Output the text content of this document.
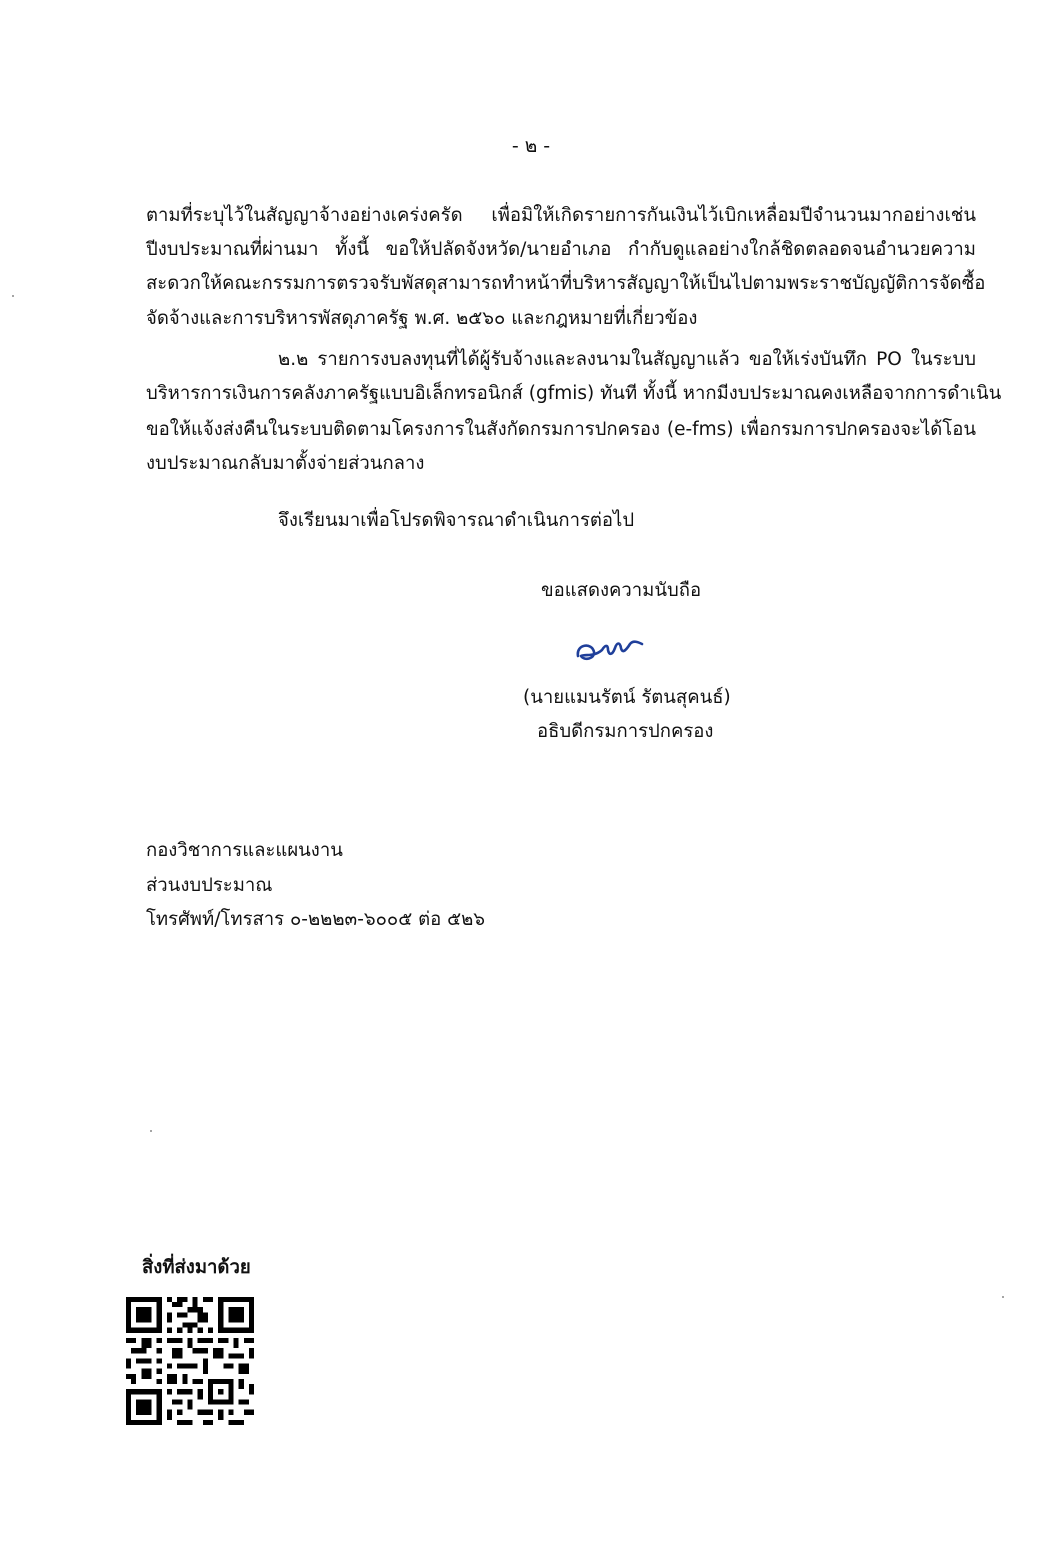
- ๒ -
ตามที่ระบุไว้ในสัญญาจ้างอย่างเคร่งครัด เพื่อมิให้เกิดรายการกันเงินไว้เบิกเหลื่อมปีจำนวนมากอย่างเช่น
ปีงบประมาณที่ผ่านมา ทั้งนี้ ขอให้ปลัดจังหวัด/นายอำเภอ กำกับดูแลอย่างใกล้ชิดตลอดจนอำนวยความ
สะดวกให้คณะกรรมการตรวจรับพัสดุสามารถทำหน้าที่บริหารสัญญาให้เป็นไปตามพระราชบัญญัติการจัดซื้อ
จัดจ้างและการบริหารพัสดุภาครัฐ พ.ศ. ๒๕๖๐ และกฎหมายที่เกี่ยวข้อง
๒.๒ รายการงบลงทุนที่ได้ผู้รับจ้างและลงนามในสัญญาแล้ว ขอให้เร่งบันทึก PO ในระบบ
บริหารการเงินการคลังภาครัฐแบบอิเล็กทรอนิกส์ (gfmis) ทันที ทั้งนี้ หากมีงบประมาณคงเหลือจากการดำเนิน
ขอให้แจ้งส่งคืนในระบบติดตามโครงการในสังกัดกรมการปกครอง (e-fms) เพื่อกรมการปกครองจะได้โอน
งบประมาณกลับมาตั้งจ่ายส่วนกลาง
จึงเรียนมาเพื่อโปรดพิจารณาดำเนินการต่อไป
ขอแสดงความนับถือ
(นายแมนรัตน์ รัตนสุคนธ์)
อธิบดีกรมการปกครอง
กองวิชาการและแผนงาน
ส่วนงบประมาณ
โทรศัพท์/โทรสาร ๐-๒๒๒๓-๖๐๐๕ ต่อ ๕๒๖
สิ่งที่ส่งมาด้วย
